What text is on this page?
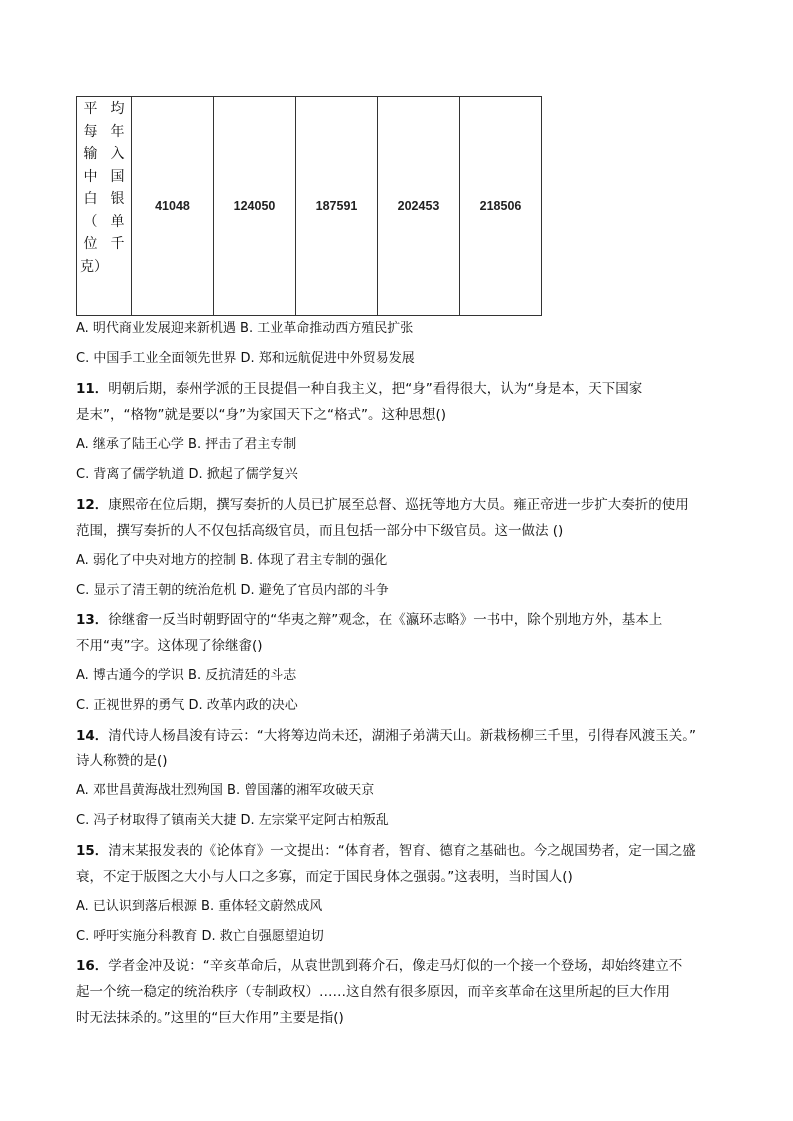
平 均
每 年
输 入
中 国
白 银
（ 单
位 千
克）
	41048	124050	187591	202453	218506
A. 明代商业发展迎来新机遇 B. 工业革命推动西方殖民扩张
C. 中国手工业全面领先世界 D. 郑和远航促进中外贸易发展
11．明朝后期，泰州学派的王艮提倡一种自我主义，把“身”看得很大，认为“身是本，天下国家
是末”，“格物”就是要以“身”为家国天下之“格式”。这种思想()
A. 继承了陆王心学 B. 抨击了君主专制
C. 背离了儒学轨道 D. 掀起了儒学复兴
12．康熙帝在位后期，撰写奏折的人员已扩展至总督、巡抚等地方大员。雍正帝进一步扩大奏折的使用
范围，撰写奏折的人不仅包括高级官员，而且包括一部分中下级官员。这一做法 ()
A. 弱化了中央对地方的控制 B. 体现了君主专制的强化
C. 显示了清王朝的统治危机 D. 避免了官员内部的斗争
13．徐继畬一反当时朝野固守的“华夷之辩”观念，在《瀛环志略》一书中，除个别地方外，基本上
不用“夷”字。这体现了徐继畬()
A. 博古通今的学识 B. 反抗清廷的斗志
C. 正视世界的勇气 D. 改革内政的决心
14．清代诗人杨昌浚有诗云：“大将筹边尚未还，湖湘子弟满天山。新栽杨柳三千里，引得春风渡玉关。”
诗人称赞的是()
A. 邓世昌黄海战壮烈殉国 B. 曾国藩的湘军攻破天京
C. 冯子材取得了镇南关大捷 D. 左宗棠平定阿古柏叛乱
15．清末某报发表的《论体育》一文提出：“体育者，智育、德育之基础也。今之觇国势者，定一国之盛
衰，不定于版图之大小与人口之多寡，而定于国民身体之强弱。”这表明，当时国人()
A. 已认识到落后根源 B. 重体轻文蔚然成风
C. 呼吁实施分科教育 D. 救亡自强愿望迫切
16．学者金冲及说：“辛亥革命后，从袁世凯到蒋介石，像走马灯似的一个接一个登场，却始终建立不
起一个统一稳定的统治秩序（专制政权）……这自然有很多原因，而辛亥革命在这里所起的巨大作用
时无法抹杀的。”这里的“巨大作用”主要是指()
